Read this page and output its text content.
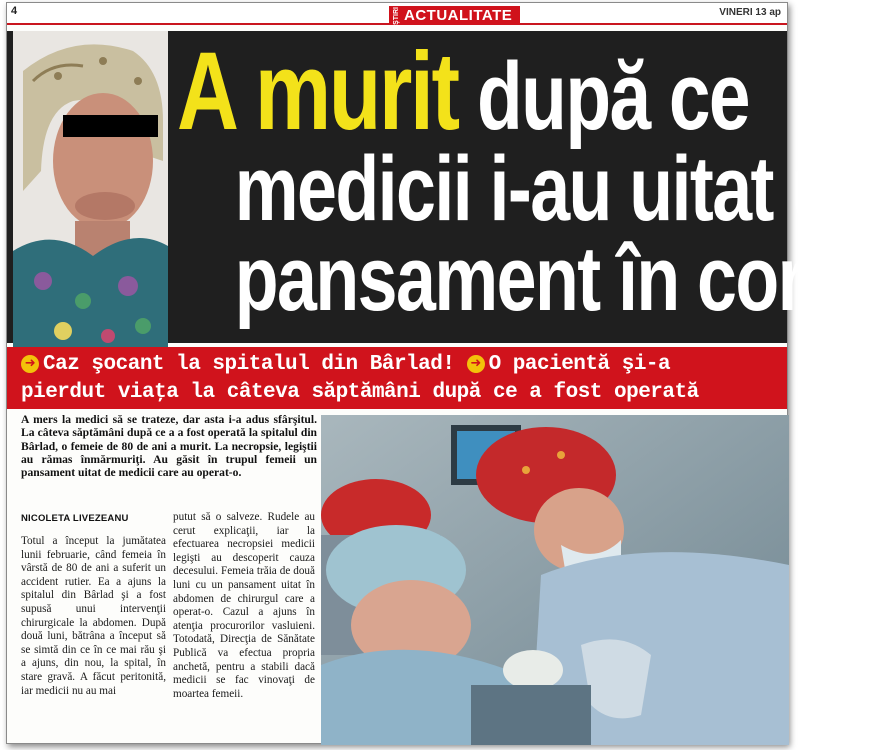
4	ŞTIRI ACTUALITATE	VINERI 13 ap
A murit după ce
medicii i-au uitat un
pansament în corp
➜ Caz şocant la spitalul din Bârlad! ➜ O pacientă şi-a
pierdut viaţa la câteva săptămâni după ce a fost operată

A mers la medici să se trateze, dar asta i-a adus sfârşitul. La câteva săptămâni după ce a a fost operată la spitalul din Bârlad, o femeie de 80 de ani a murit. La necropsie, legiştii au rămas înmărmuriţi. Au găsit în trupul femeii un pansament uitat de medicii care au operat-o.

NICOLETA LIVEZEANU

Totul a început la jumătatea lunii februarie, când femeia în vârstă de 80 de ani a suferit un accident rutier. Ea a ajuns la spitalul din Bârlad şi a fost supusă unui intervenţii chirurgicale la abdomen. După două luni, bătrâna a început să se simtă din ce în ce mai rău şi a ajuns, din nou, la spital, în stare gravă. A făcut peritonită, iar medicii nu au mai

putut să o salveze. Rudele au cerut explicaţii, iar la efectuarea necropsiei medicii legişti au descoperit cauza decesului. Femeia trăia de două luni cu un pansament uitat în abdomen de chirurgul care a operat-o. Cazul a ajuns în atenţia procurorilor vasluieni. Totodată, Direcţia de Sănătate Publică va efectua propria anchetă, pentru a stabili dacă medicii se fac vinovaţi de moartea femeii.
